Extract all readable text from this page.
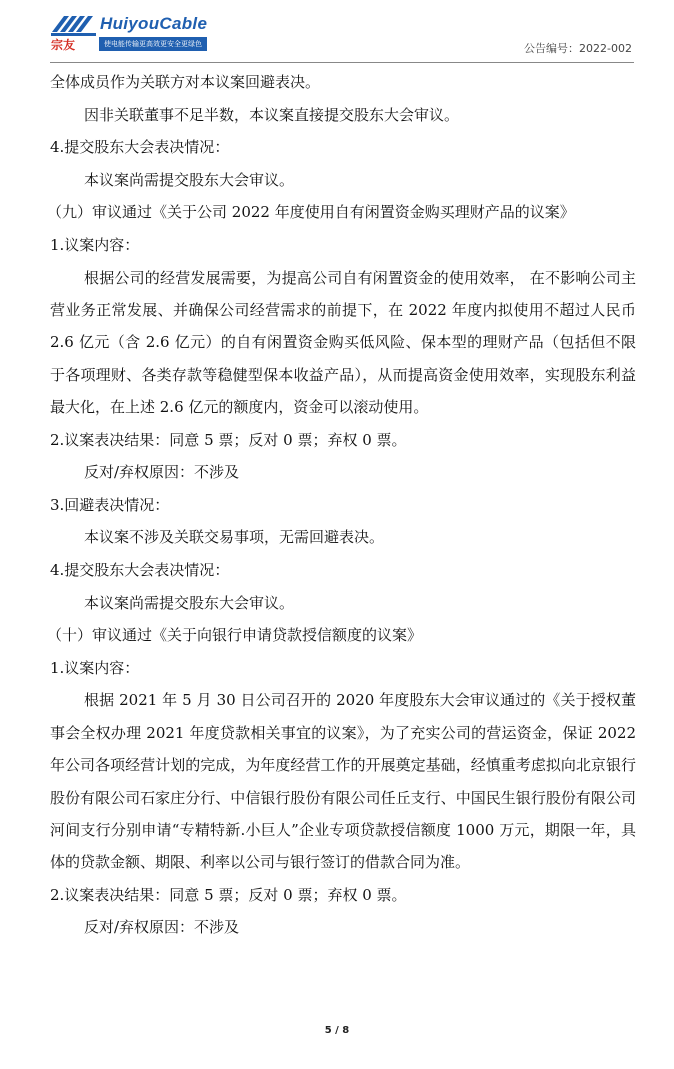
HuiyouCable
宗友	使电能传输更高效更安全更绿色	公告编号：2022-002

全体成员作为关联方对本议案回避表决。

因非关联董事不足半数，本议案直接提交股东大会审议。

4.提交股东大会表决情况：

本议案尚需提交股东大会审议。

（九）审议通过《关于公司 2022 年度使用自有闲置资金购买理财产品的议案》

1.议案内容：

根据公司的经营发展需要，为提高公司自有闲置资金的使用效率， 在不影响公司主营业务正常发展、并确保公司经营需求的前提下，在 2022 年度内拟使用不超过人民币 2.6 亿元（含 2.6 亿元）的自有闲置资金购买低风险、保本型的理财产品（包括但不限于各项理财、各类存款等稳健型保本收益产品），从而提高资金使用效率，实现股东利益最大化，在上述 2.6 亿元的额度内，资金可以滚动使用。

2.议案表决结果：同意 5 票；反对 0 票；弃权 0 票。

反对/弃权原因：不涉及

3.回避表决情况：

本议案不涉及关联交易事项，无需回避表决。

4.提交股东大会表决情况：

本议案尚需提交股东大会审议。

（十）审议通过《关于向银行申请贷款授信额度的议案》

1.议案内容：

根据 2021 年 5 月 30 日公司召开的 2020 年度股东大会审议通过的《关于授权董事会全权办理 2021 年度贷款相关事宜的议案》，为了充实公司的营运资金，保证 2022 年公司各项经营计划的完成，为年度经营工作的开展奠定基础，经慎重考虑拟向北京银行股份有限公司石家庄分行、中信银行股份有限公司任丘支行、中国民生银行股份有限公司河间支行分别申请“专精特新.小巨人”企业专项贷款授信额度 1000 万元，期限一年，具体的贷款金额、期限、利率以公司与银行签订的借款合同为准。

2.议案表决结果：同意 5 票；反对 0 票；弃权 0 票。

反对/弃权原因：不涉及

5 / 8
